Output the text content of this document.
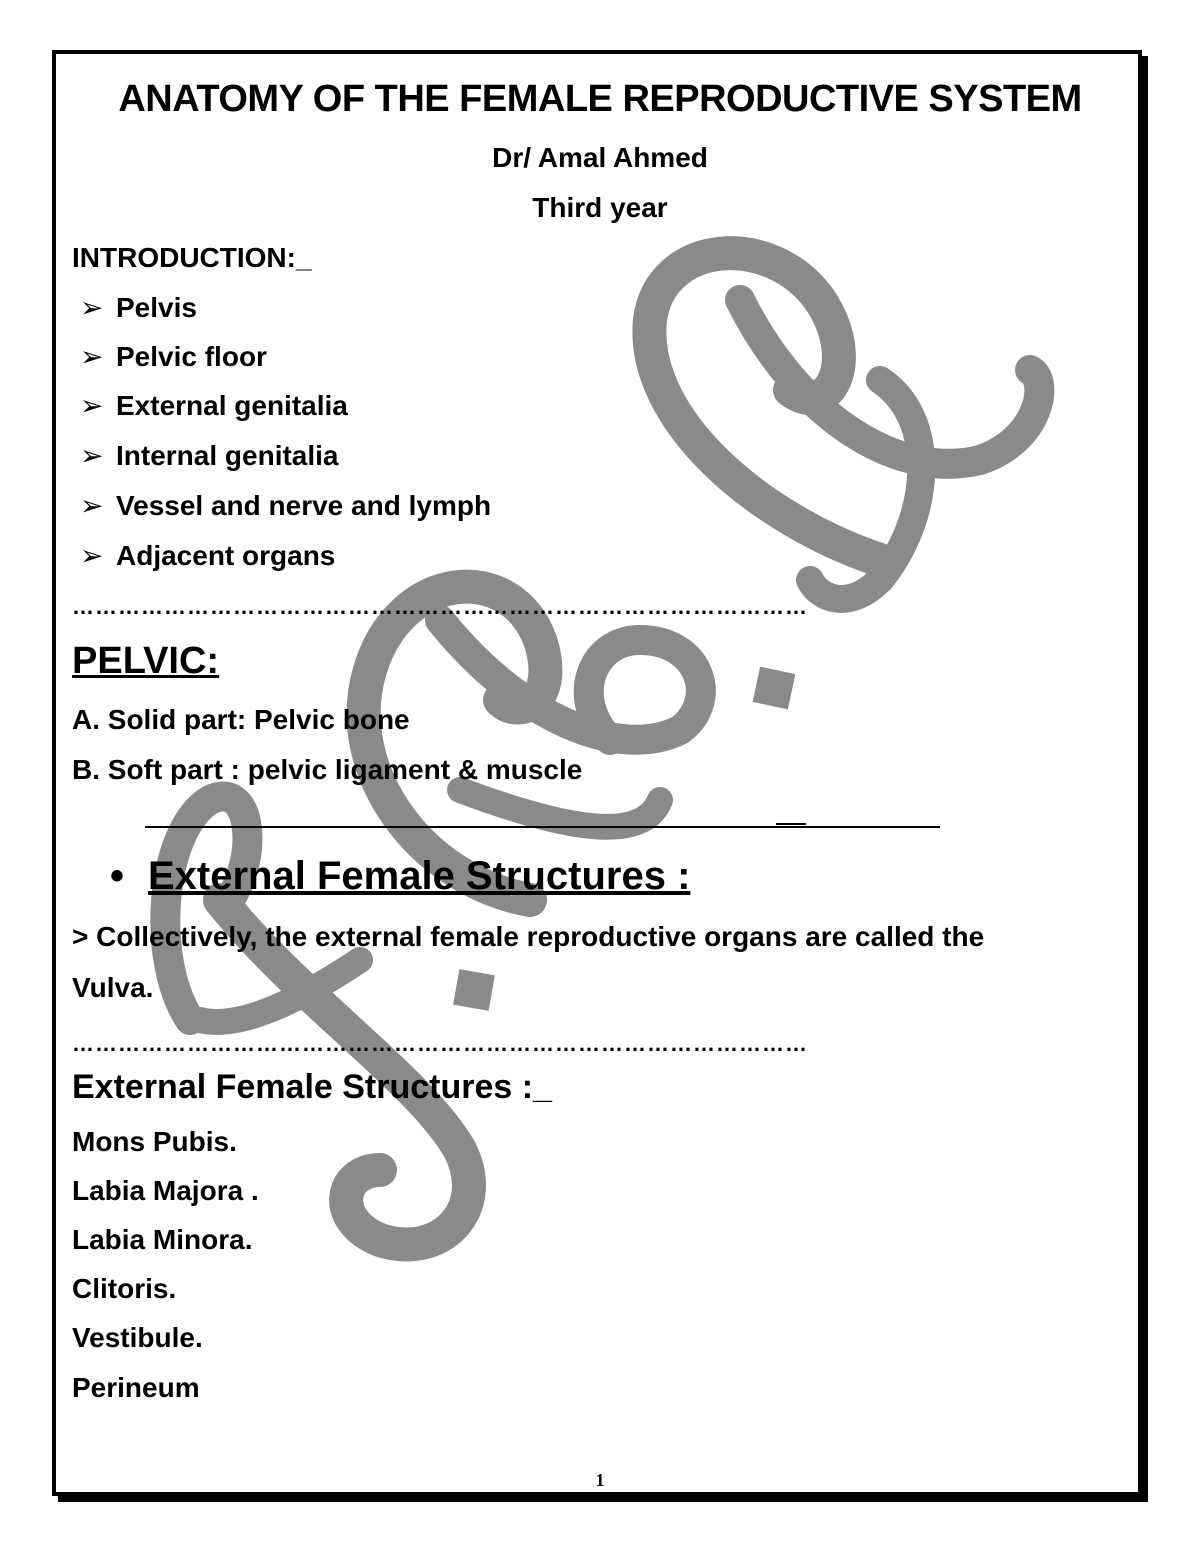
ANATOMY OF THE FEMALE REPRODUCTIVE SYSTEM
Dr/ Amal Ahmed
Third year
INTRODUCTION:_
➢ Pelvis
➢ Pelvic floor
➢ External genitalia
➢ Internal genitalia
➢ Vessel and nerve and lymph
➢ Adjacent organs
……………………………………………………………………………………
PELVIC:
A. Solid part: Pelvic bone
B. Soft part : pelvic ligament & muscle
• External Female Structures :
> Collectively, the external female reproductive organs are called the
Vulva.
……………………………………………………………………………………
External Female Structures :_
Mons Pubis.
Labia Majora .
Labia Minora.
Clitoris.
Vestibule.
Perineum
1
